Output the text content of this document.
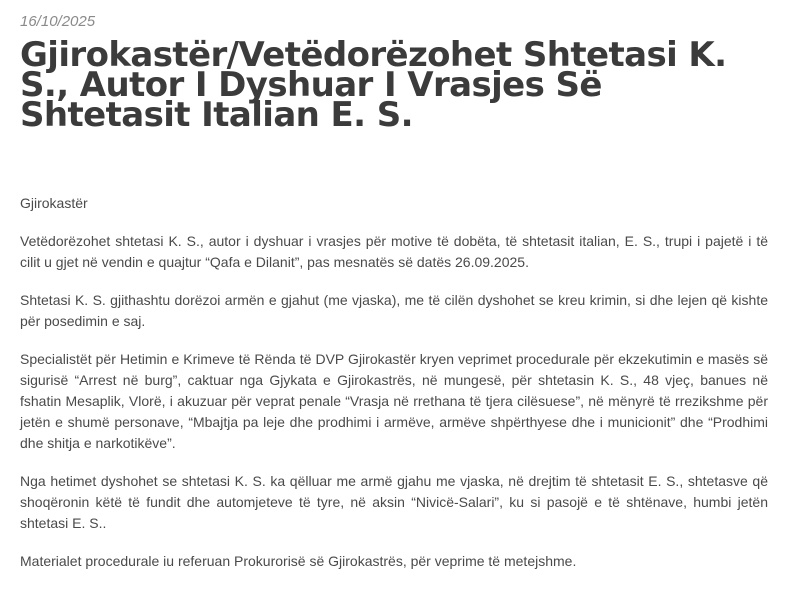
16/10/2025
Gjirokastër/Vetëdorëzohet Shtetasi K. S., Autor I Dyshuar I Vrasjes Së Shtetasit Italian E. S.

Gjirokastër

Vetëdorëzohet shtetasi K. S., autor i dyshuar i vrasjes për motive të dobëta, të shtetasit italian, E. S., trupi i pajetë i të cilit u gjet në vendin e quajtur “Qafa e Dilanit”, pas mesnatës së datës 26.09.2025.

Shtetasi K. S. gjithashtu dorëzoi armën e gjahut (me vjaska), me të cilën dyshohet se kreu krimin, si dhe lejen që kishte për posedimin e saj.

Specialistët për Hetimin e Krimeve të Rënda të DVP Gjirokastër kryen veprimet procedurale për ekzekutimin e masës së sigurisë “Arrest në burg”, caktuar nga Gjykata e Gjirokastrës, në mungesë, për shtetasin K. S., 48 vjeç, banues në fshatin Mesaplik, Vlorë, i akuzuar për veprat penale “Vrasja në rrethana të tjera cilësuese”, në mënyrë të rrezikshme për jetën e shumë personave, “Mbajtja pa leje dhe prodhimi i armëve, armëve shpërthyese dhe i municionit” dhe “Prodhimi dhe shitja e narkotikëve”.

Nga hetimet dyshohet se shtetasi K. S. ka qëlluar me armë gjahu me vjaska, në drejtim të shtetasit E. S., shtetasve që shoqëronin këtë të fundit dhe automjeteve të tyre, në aksin “Nivicë-Salari”, ku si pasojë e të shtënave, humbi jetën shtetasi E. S..

Materialet procedurale iu referuan Prokurorisë së Gjirokastrës, për veprime të metejshme.
